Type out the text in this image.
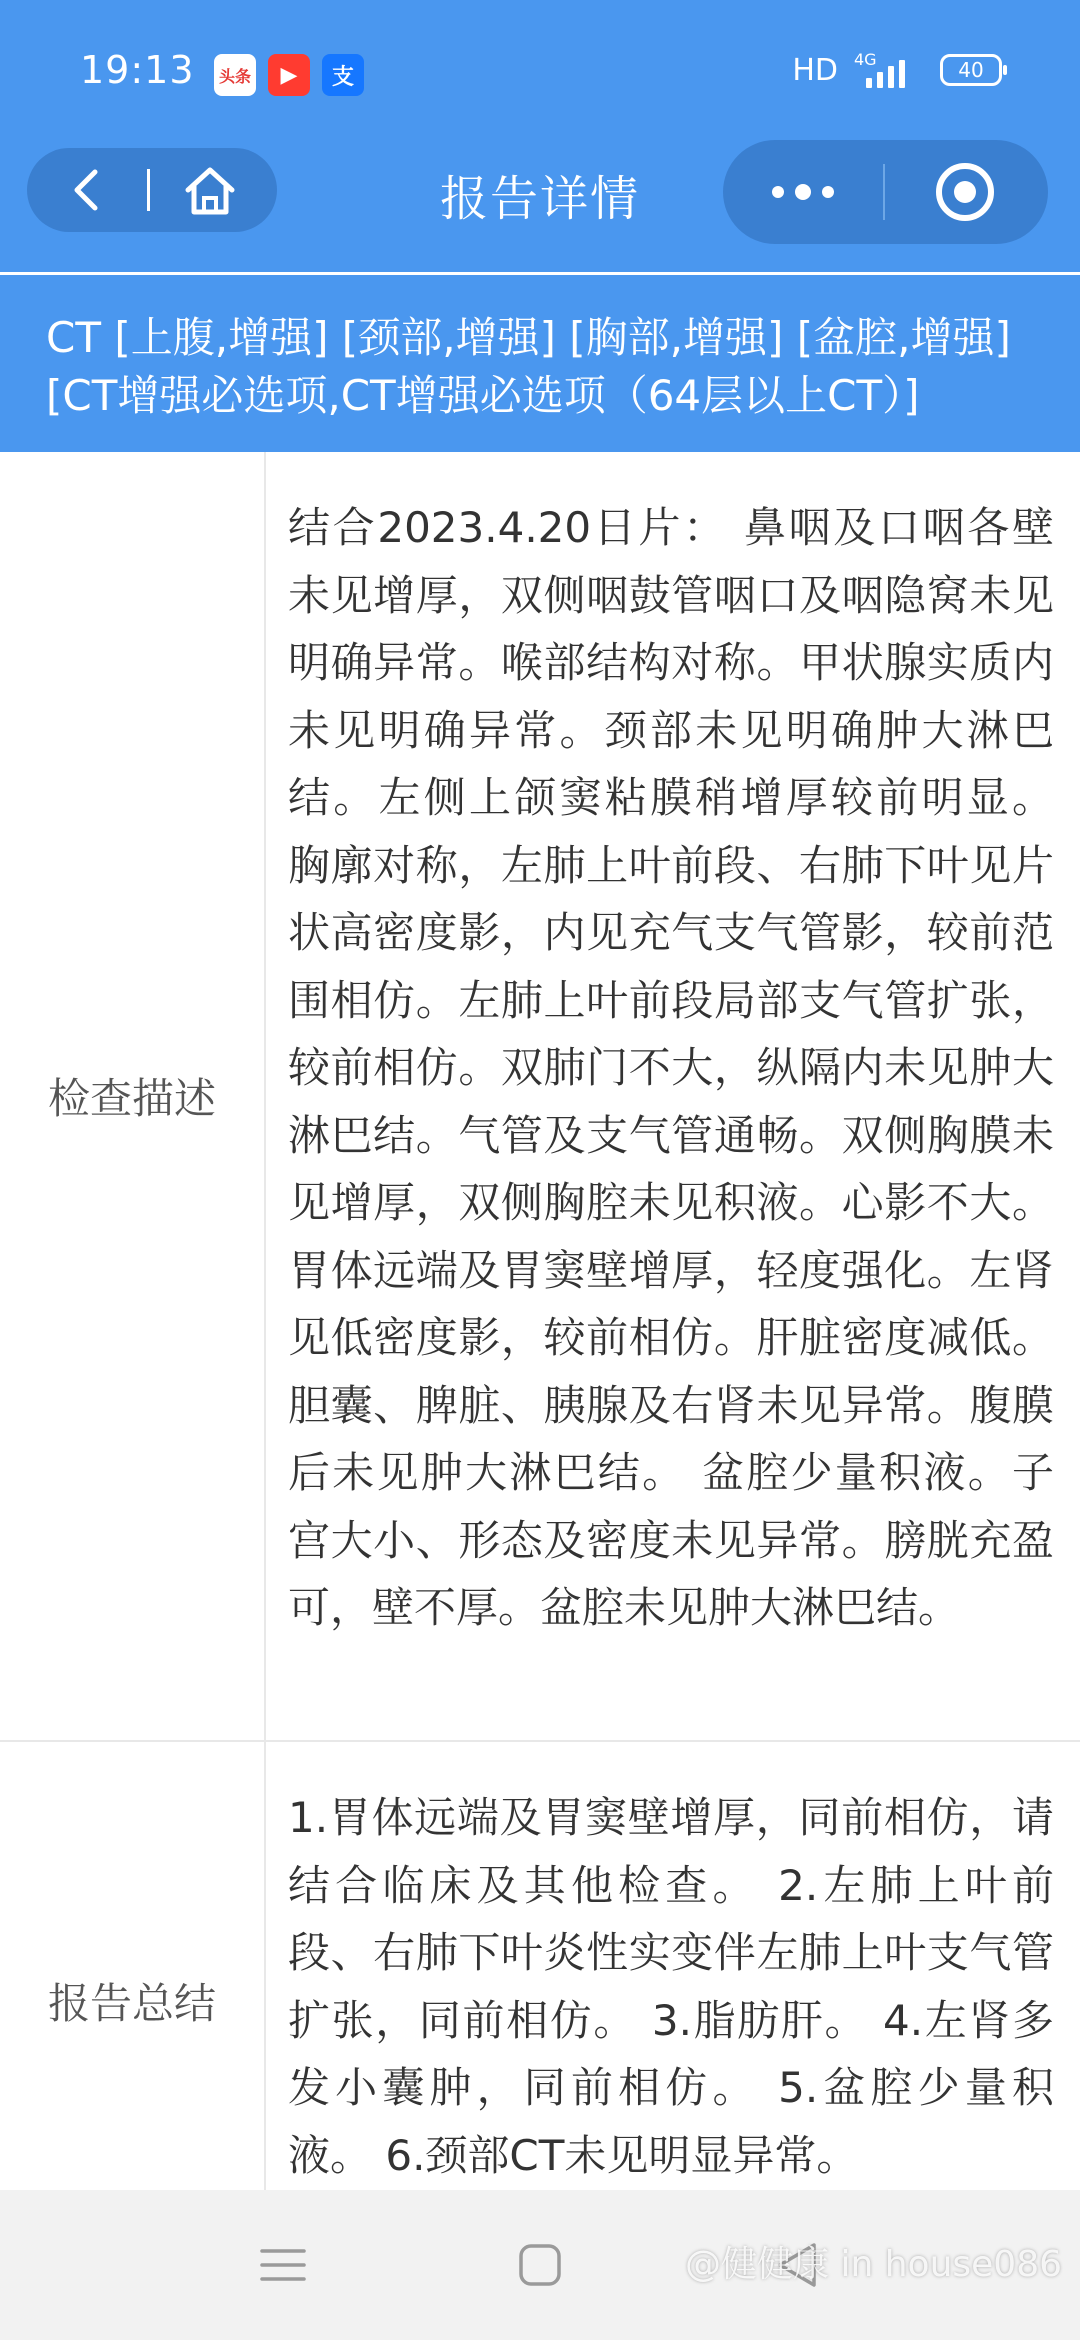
19:13	头条	▶	支	HD 4G	40
报告详情
CT [上腹,增强] [颈部,增强] [胸部,增强] [盆腔,增强] [CT增强必选项,CT增强必选项（64层以上CT）]
检查描述
结合2023.4.20日片： 鼻咽及口咽各壁未见增厚，双侧咽鼓管咽口及咽隐窝未见明确异常。喉部结构对称。甲状腺实质内未见明确异常。颈部未见明确肿大淋巴结。左侧上颌窦粘膜稍增厚较前明显。 胸廓对称，左肺上叶前段、右肺下叶见片状高密度影，内见充气支气管影，较前范围相仿。左肺上叶前段局部支气管扩张，较前相仿。双肺门不大，纵隔内未见肿大淋巴结。气管及支气管通畅。双侧胸膜未见增厚，双侧胸腔未见积液。心影不大。 胃体远端及胃窦壁增厚，轻度强化。左肾见低密度影，较前相仿。肝脏密度减低。胆囊、脾脏、胰腺及右肾未见异常。腹膜后未见肿大淋巴结。 盆腔少量积液。子宫大小、形态及密度未见异常。膀胱充盈可，壁不厚。盆腔未见肿大淋巴结。
报告总结
1.胃体远端及胃窦壁增厚，同前相仿，请结合临床及其他检查。 2.左肺上叶前段、右肺下叶炎性实变伴左肺上叶支气管扩张，同前相仿。 3.脂肪肝。 4.左肾多发小囊肿，同前相仿。 5.盆腔少量积液。 6.颈部CT未见明显异常。
@健健康 in house086
